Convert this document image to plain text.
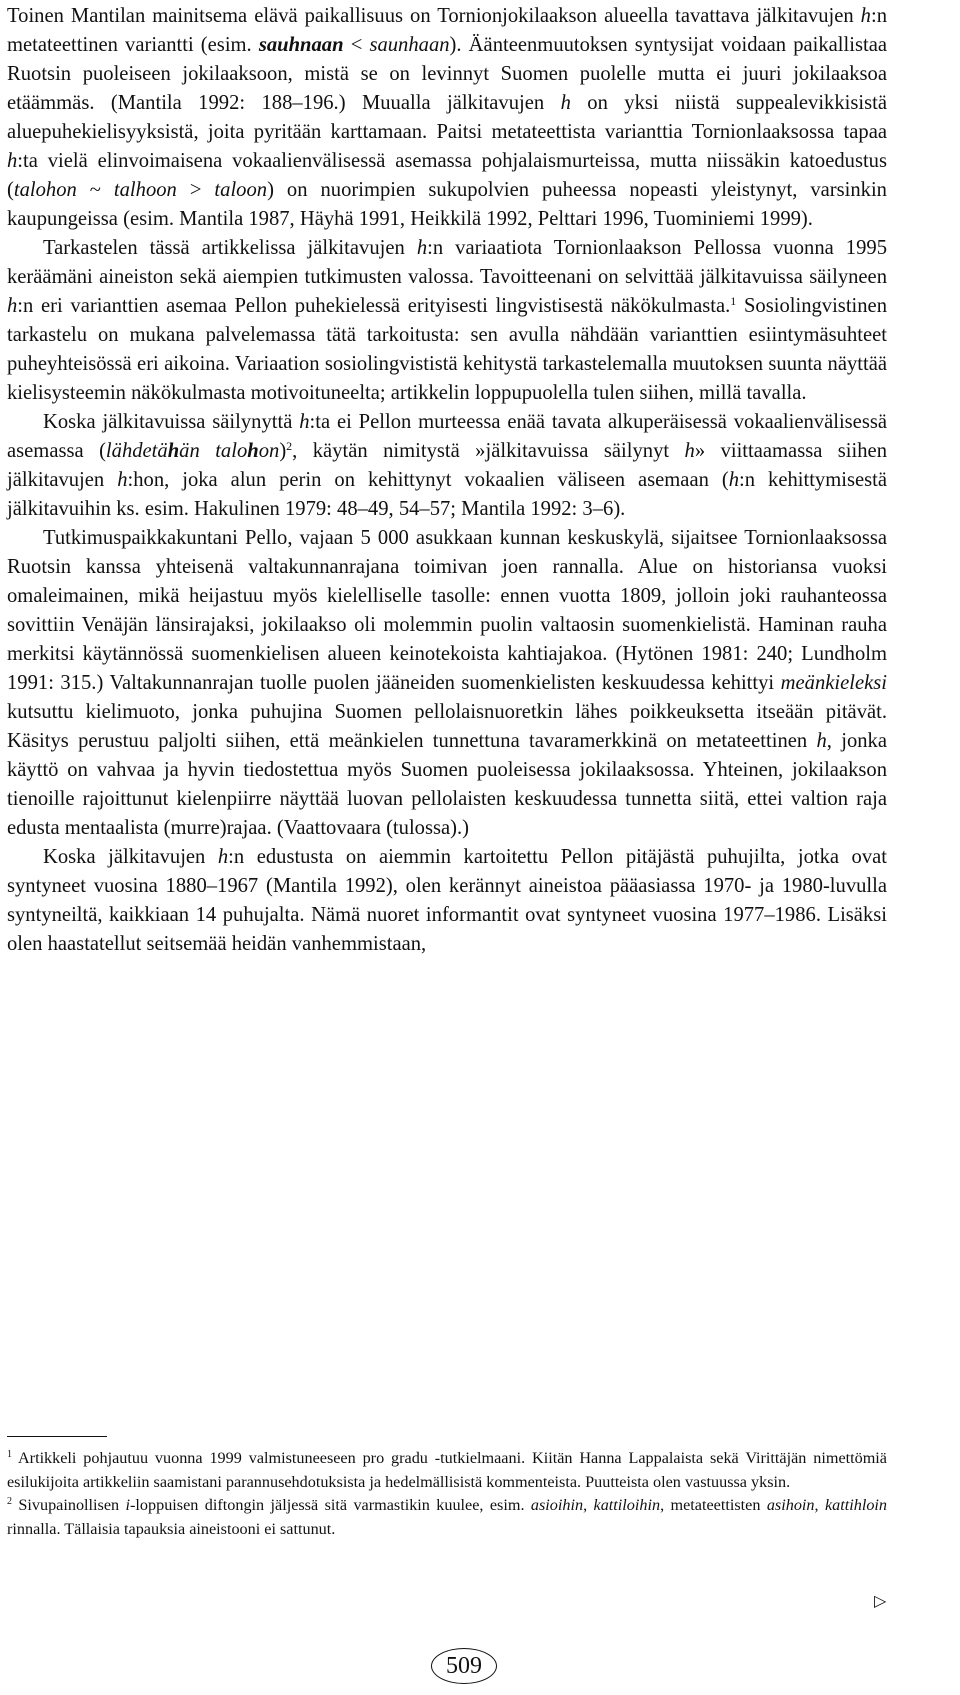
Toinen Mantilan mainitsema elävä paikallisuus on Tornionjokilaakson alueella tavattava jälkitavujen h:n metateettinen variantti (esim. sauhnaan < saunhaan). Äänteenmuutoksen syntysijat voidaan paikallistaa Ruotsin puoleiseen jokilaaksoon, mistä se on levinnyt Suomen puolelle mutta ei juuri jokilaaksoa etäämmäs. (Mantila 1992: 188–196.) Muualla jälkitavujen h on yksi niistä suppealevikkisistä aluepuhekielisyyksistä, joita pyritään karttamaan. Paitsi metateettista varianttia Tornionlaaksossa tapaa h:ta vielä elinvoimaisena vokaalienvälisessä asemassa pohjalaismurteissa, mutta niissäkin katoedustus (talohon ~ talhoon > taloon) on nuorimpien sukupolvien puheessa nopeasti yleistynyt, varsinkin kaupungeissa (esim. Mantila 1987, Häyhä 1991, Heikkilä 1992, Pelttari 1996, Tuominiemi 1999).

Tarkastelen tässä artikkelissa jälkitavujen h:n variaatiota Tornionlaakson Pellossa vuonna 1995 keräämäni aineiston sekä aiempien tutkimusten valossa. Tavoitteenani on selvittää jälkitavuissa säilyneen h:n eri varianttien asemaa Pellon puhekielessä erityisesti lingvistisestä näkökulmasta.$^1$ Sosiolingvistinen tarkastelu on mukana palvelemassa tätä tarkoitusta: sen avulla nähdään varianttien esiintymäsuhteet puheyhteisössä eri aikoina. Variaation sosiolingvististä kehitystä tarkastelemalla muutoksen suunta näyttää kielisysteemin näkökulmasta motivoituneelta; artikkelin loppupuolella tulen siihen, millä tavalla.

Koska jälkitavuissa säilynyttä h:ta ei Pellon murteessa enää tavata alkuperäisessä vokaalienvälisessä asemassa (lähdetähän talohon)$^2$, käytän nimitystä »jälkitavuissa säilynyt h» viittaamassa siihen jälkitavujen h:hon, joka alun perin on kehittynyt vokaalien väliseen asemaan (h:n kehittymisestä jälkitavuihin ks. esim. Hakulinen 1979: 48–49, 54–57; Mantila 1992: 3–6).

Tutkimuspaikkakuntani Pello, vajaan 5 000 asukkaan kunnan keskuskylä, sijaitsee Tornionlaaksossa Ruotsin kanssa yhteisenä valtakunnanrajana toimivan joen rannalla. Alue on historiansa vuoksi omaleimainen, mikä heijastuu myös kielelliselle tasolle: ennen vuotta 1809, jolloin joki rauhanteossa sovittiin Venäjän länsirajaksi, jokilaakso oli molemmin puolin valtaosin suomenkielistä. Haminan rauha merkitsi käytännössä suomenkielisen alueen keinotekoista kahtiajakoa. (Hytönen 1981: 240; Lundholm 1991: 315.) Valtakunnanrajan tuolle puolen jääneiden suomenkielisten keskuudessa kehittyi meänkieleksi kutsuttu kielimuoto, jonka puhujina Suomen pellolaisnuoretkin lähes poikkeuksetta itseään pitävät. Käsitys perustuu paljolti siihen, että meänkielen tunnettuna tavaramerkkinä on metateettinen h, jonka käyttö on vahvaa ja hyvin tiedostettua myös Suomen puoleisessa jokilaaksossa. Yhteinen, jokilaakson tienoille rajoittunut kielenpiirre näyttää luovan pellolaisten keskuudessa tunnetta siitä, ettei valtion raja edusta mentaalista (murre)rajaa. (Vaattovaara (tulossa).)

Koska jälkitavujen h:n edustusta on aiemmin kartoitettu Pellon pitäjästä puhujilta, jotka ovat syntyneet vuosina 1880–1967 (Mantila 1992), olen kerännyt aineistoa pääasiassa 1970- ja 1980-luvulla syntyneiltä, kaikkiaan 14 puhujalta. Nämä nuoret informantit ovat syntyneet vuosina 1977–1986. Lisäksi olen haastatellut seitsemää heidän vanhemmistaan,

$^1$ Artikkeli pohjautuu vuonna 1999 valmistuneeseen pro gradu -tutkielmaani. Kiitän Hanna Lappalaista sekä Virittäjän nimettömiä esilukijoita artikkeliin saamistani parannusehdotuksista ja hedelmällisistä kommenteista. Puutteista olen vastuussa yksin.

$^2$ Sivupainollisen i-loppuisen diftongin jäljessä sitä varmastikin kuulee, esim. asioihin, kattiloihin, metateettisten asihoin, kattihloin rinnalla. Tällaisia tapauksia aineistooni ei sattunut.

▷
509
